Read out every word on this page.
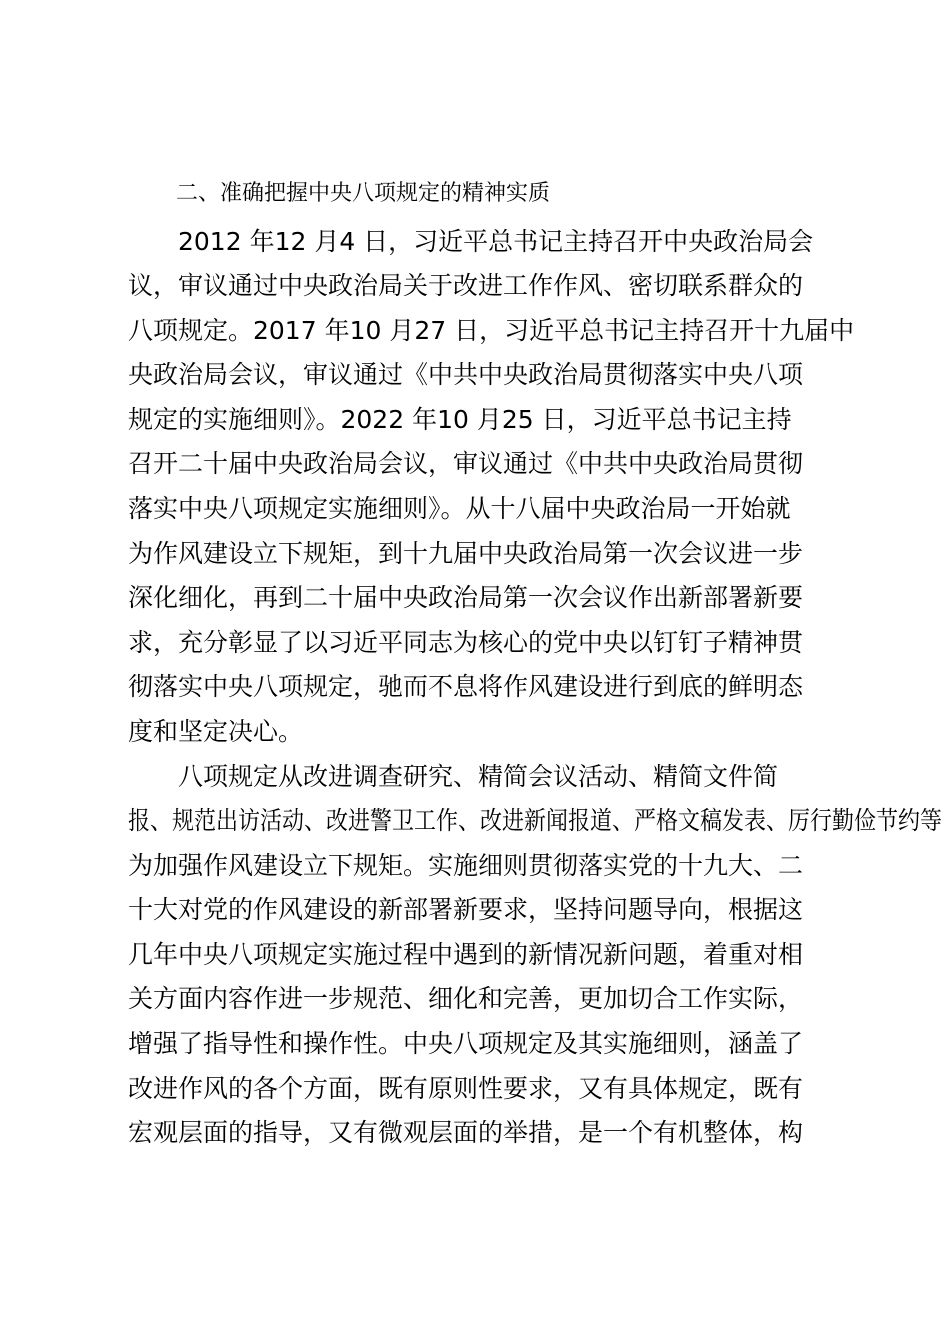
二、准确把握中央八项规定的精神实质
2012 年12 月4 日，习近平总书记主持召开中央政治局会
议，审议通过中央政治局关于改进工作作风、密切联系群众的
八项规定。2017 年10 月27 日，习近平总书记主持召开十九届中
央政治局会议，审议通过《中共中央政治局贯彻落实中央八项
规定的实施细则》。2022 年10 月25 日，习近平总书记主持
召开二十届中央政治局会议，审议通过《中共中央政治局贯彻
落实中央八项规定实施细则》。从十八届中央政治局一开始就
为作风建设立下规矩，到十九届中央政治局第一次会议进一步
深化细化，再到二十届中央政治局第一次会议作出新部署新要
求，充分彰显了以习近平同志为核心的党中央以钉钉子精神贯
彻落实中央八项规定，驰而不息将作风建设进行到底的鲜明态
度和坚定决心。
八项规定从改进调查研究、精简会议活动、精简文件简
报、规范出访活动、改进警卫工作、改进新闻报道、严格文稿发表、厉行勤俭节约等
为加强作风建设立下规矩。实施细则贯彻落实党的十九大、二
十大对党的作风建设的新部署新要求，坚持问题导向，根据这
几年中央八项规定实施过程中遇到的新情况新问题，着重对相
关方面内容作进一步规范、细化和完善，更加切合工作实际，
增强了指导性和操作性。中央八项规定及其实施细则，涵盖了
改进作风的各个方面，既有原则性要求，又有具体规定，既有
宏观层面的指导，又有微观层面的举措，是一个有机整体，构
